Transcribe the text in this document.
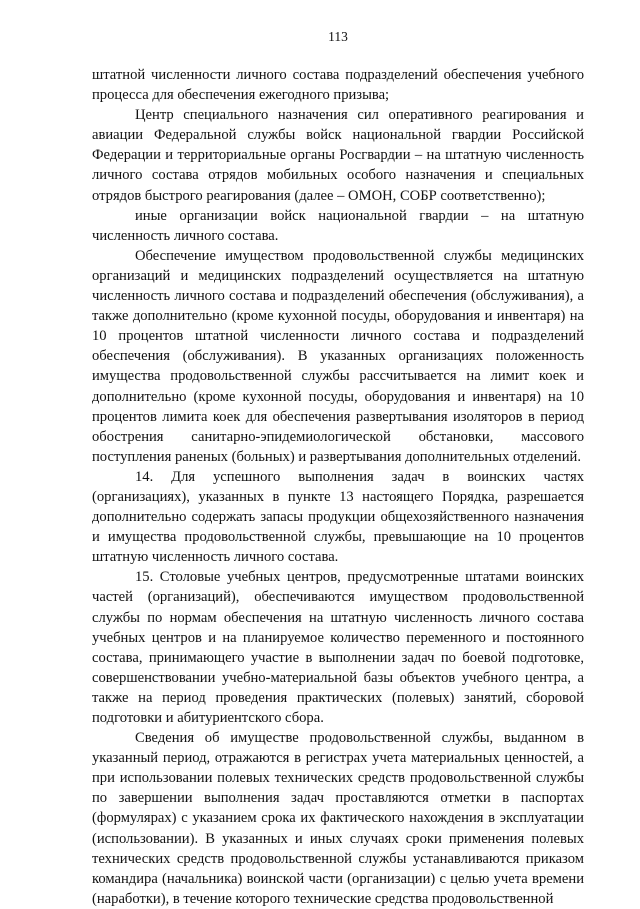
113

штатной численности личного состава подразделений обеспечения учебного процесса для обеспечения ежегодного призыва;

Центр специального назначения сил оперативного реагирования и авиации Федеральной службы войск национальной гвардии Российской Федерации и территориальные органы Росгвардии – на штатную численность личного состава отрядов мобильных особого назначения и специальных отрядов быстрого реагирования (далее – ОМОН, СОБР соответственно);

иные организации войск национальной гвардии – на штатную численность личного состава.

Обеспечение имуществом продовольственной службы медицинских организаций и медицинских подразделений осуществляется на штатную численность личного состава и подразделений обеспечения (обслуживания), а также дополнительно (кроме кухонной посуды, оборудования и инвентаря) на 10 процентов штатной численности личного состава и подразделений обеспечения (обслуживания). В указанных организациях положенность имущества продовольственной службы рассчитывается на лимит коек и дополнительно (кроме кухонной посуды, оборудования и инвентаря) на 10 процентов лимита коек для обеспечения развертывания изоляторов в период обострения санитарно-эпидемиологической обстановки, массового поступления раненых (больных) и развертывания дополнительных отделений.

14. Для успешного выполнения задач в воинских частях (организациях), указанных в пункте 13 настоящего Порядка, разрешается дополнительно содержать запасы продукции общехозяйственного назначения и имущества продовольственной службы, превышающие на 10 процентов штатную численность личного состава.

15. Столовые учебных центров, предусмотренные штатами воинских частей (организаций), обеспечиваются имуществом продовольственной службы по нормам обеспечения на штатную численность личного состава учебных центров и на планируемое количество переменного и постоянного состава, принимающего участие в выполнении задач по боевой подготовке, совершенствовании учебно-материальной базы объектов учебного центра, а также на период проведения практических (полевых) занятий, сборовой подготовки и абитуриентского сбора.

Сведения об имуществе продовольственной службы, выданном в указанный период, отражаются в регистрах учета материальных ценностей, а при использовании полевых технических средств продовольственной службы по завершении выполнения задач проставляются отметки в паспортах (формулярах) с указанием срока их фактического нахождения в эксплуатации (использовании). В указанных и иных случаях сроки применения полевых технических средств продовольственной службы устанавливаются приказом командира (начальника) воинской части (организации) с целью учета времени (наработки), в течение которого технические средства продовольственной
